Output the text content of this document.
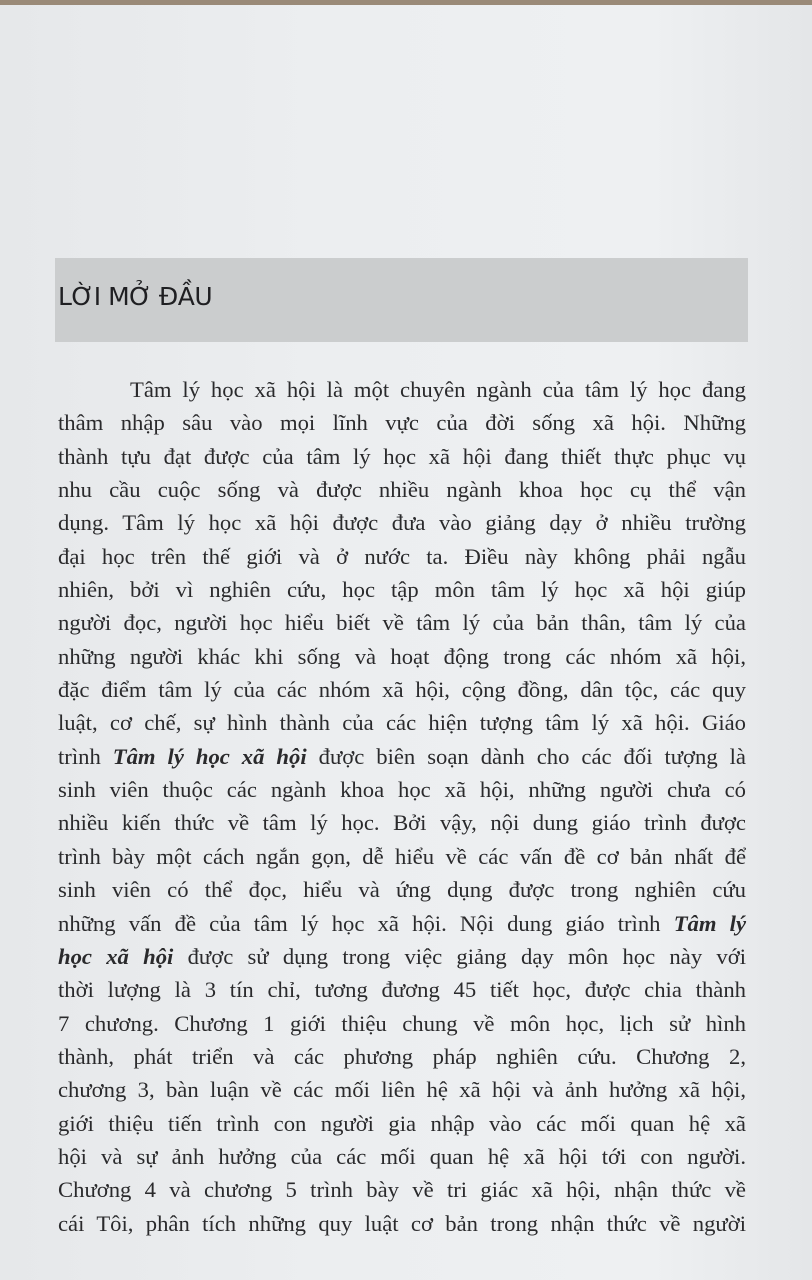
LỜI MỞ ĐẦU
Tâm lý học xã hội là một chuyên ngành của tâm lý học đang
thâm nhập sâu vào mọi lĩnh vực của đời sống xã hội. Những
thành tựu đạt được của tâm lý học xã hội đang thiết thực phục vụ
nhu cầu cuộc sống và được nhiều ngành khoa học cụ thể vận
dụng. Tâm lý học xã hội được đưa vào giảng dạy ở nhiều trường
đại học trên thế giới và ở nước ta. Điều này không phải ngẫu
nhiên, bởi vì nghiên cứu, học tập môn tâm lý học xã hội giúp
người đọc, người học hiểu biết về tâm lý của bản thân, tâm lý của
những người khác khi sống và hoạt động trong các nhóm xã hội,
đặc điểm tâm lý của các nhóm xã hội, cộng đồng, dân tộc, các quy
luật, cơ chế, sự hình thành của các hiện tượng tâm lý xã hội. Giáo
trình Tâm lý học xã hội được biên soạn dành cho các đối tượng là
sinh viên thuộc các ngành khoa học xã hội, những người chưa có
nhiều kiến thức về tâm lý học. Bởi vậy, nội dung giáo trình được
trình bày một cách ngắn gọn, dễ hiểu về các vấn đề cơ bản nhất để
sinh viên có thể đọc, hiểu và ứng dụng được trong nghiên cứu
những vấn đề của tâm lý học xã hội. Nội dung giáo trình Tâm lý
học xã hội được sử dụng trong việc giảng dạy môn học này với
thời lượng là 3 tín chỉ, tương đương 45 tiết học, được chia thành
7 chương. Chương 1 giới thiệu chung về môn học, lịch sử hình
thành, phát triển và các phương pháp nghiên cứu. Chương 2,
chương 3, bàn luận về các mối liên hệ xã hội và ảnh hưởng xã hội,
giới thiệu tiến trình con người gia nhập vào các mối quan hệ xã
hội và sự ảnh hưởng của các mối quan hệ xã hội tới con người.
Chương 4 và chương 5 trình bày về tri giác xã hội, nhận thức về
cái Tôi, phân tích những quy luật cơ bản trong nhận thức về người
